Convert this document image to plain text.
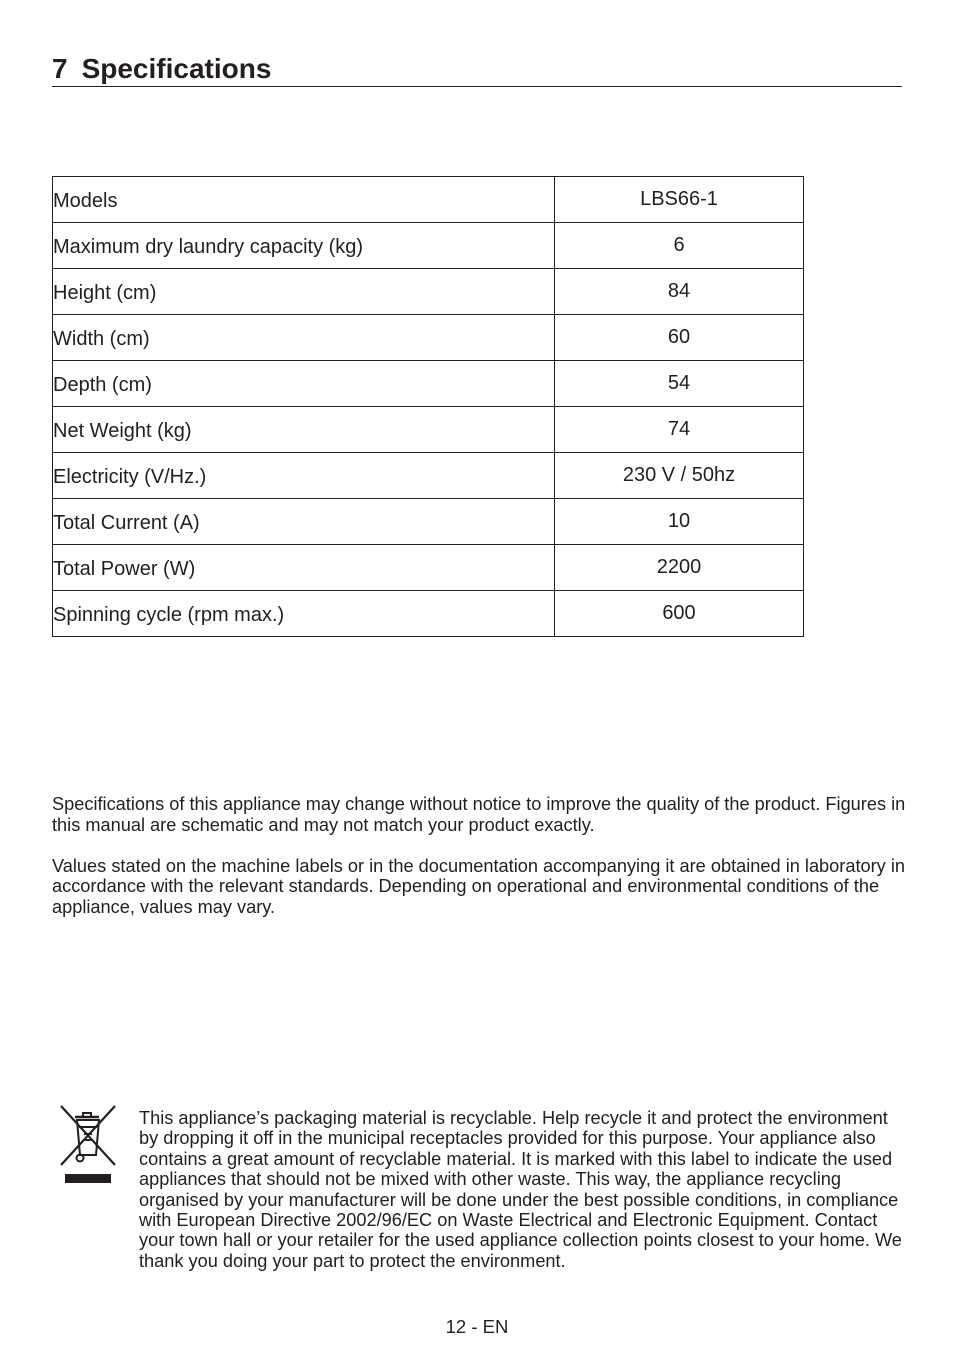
7 Specifications
Models	LBS66-1
Maximum dry laundry capacity (kg)	6
Height (cm)	84
Width (cm)	60
Depth (cm)	54
Net Weight (kg)	74
Electricity (V/Hz.)	230 V / 50hz
Total Current (A)	10
Total Power (W)	2200
Spinning cycle (rpm max.)	600

Specifications of this appliance may change without notice to improve the quality of the product. Figures in this manual are schematic and may not match your product exactly.

Values stated on the machine labels or in the documentation accompanying it are obtained in laboratory in accordance with the relevant standards. Depending on operational and environmental conditions of the appliance, values may vary.

This appliance’s packaging material is recyclable. Help recycle it and protect the environment by dropping it off in the municipal receptacles provided for this purpose. Your appliance also contains a great amount of recyclable material. It is marked with this label to indicate the used appliances that should not be mixed with other waste. This way, the appliance recycling organised by your manufacturer will be done under the best possible conditions, in compliance with European Directive 2002/96/EC on Waste Electrical and Electronic Equipment. Contact your town hall or your retailer for the used appliance collection points closest to your home. We thank you doing your part to protect the environment.

12 - EN
